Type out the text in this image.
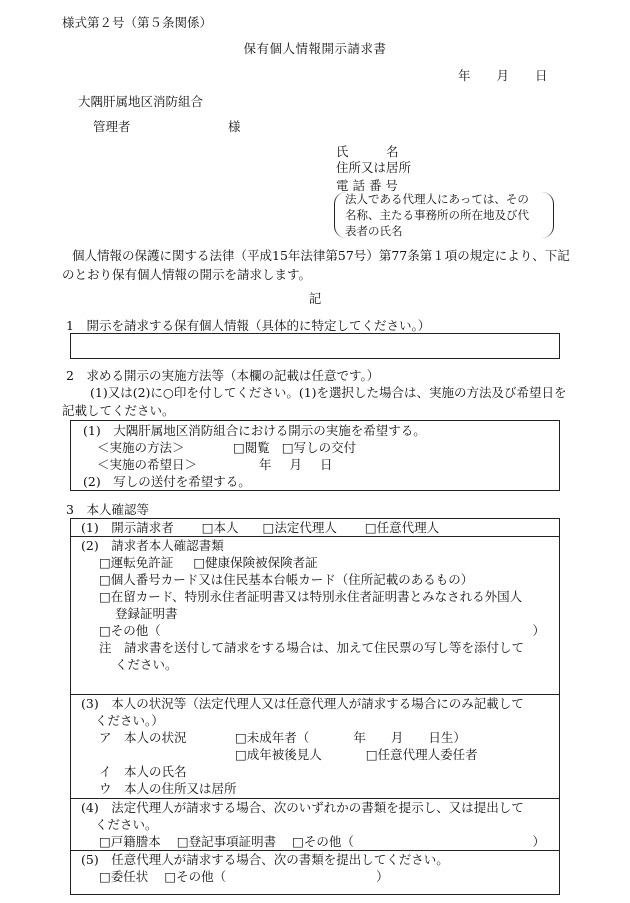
様式第２号（第５条関係）
保有個人情報開示請求書
年 月 日
大隅肝属地区消防組合
管理者	様
氏　　　名
住所又は居所
電 話 番 号
法人である代理人にあっては、その
名称、主たる事務所の所在地及び代
表者の氏名
個人情報の保護に関する法律（平成15年法律第57号）第77条第１項の規定により、下記のとおり保有個人情報の開示を請求します。
記
1　開示を請求する保有個人情報（具体的に特定してください。）
2　求める開示の実施方法等（本欄の記載は任意です。）
(1)又は(2)に○印を付してください。(1)を選択した場合は、実施の方法及び希望日を記載してください。
(1)　大隅肝属地区消防組合における開示の実施を希望する。
＜実施の方法＞	□閲覧 □写しの交付
＜実施の希望日＞	年 月 日
(2)　写しの送付を希望する。
3　本人確認等
(1)　開示請求者 □本人 □法定代理人 □任意代理人
(2)　請求者本人確認書類
□運転免許証 □健康保険被保険者証
□個人番号カード又は住民基本台帳カード（住所記載のあるもの）
□在留カード、特別永住者証明書又は特別永住者証明書とみなされる外国人
登録証明書
□その他（	）
注　請求書を送付して請求をする場合は、加えて住民票の写し等を添付して
ください。
(3)　本人の状況等（法定代理人又は任意代理人が請求する場合にのみ記載して
ください。）
ア　本人の状況	□未成年者（	年　　月　　日生）
□成年被後見人	□任意代理人委任者
イ　本人の氏名
ウ　本人の住所又は居所
(4)　法定代理人が請求する場合、次のいずれかの書類を提示し、又は提出して
ください。
□戸籍謄本 □登記事項証明書 □その他（	）
(5)　任意代理人が請求する場合、次の書類を提出してください。
□委任状 □その他（	）
